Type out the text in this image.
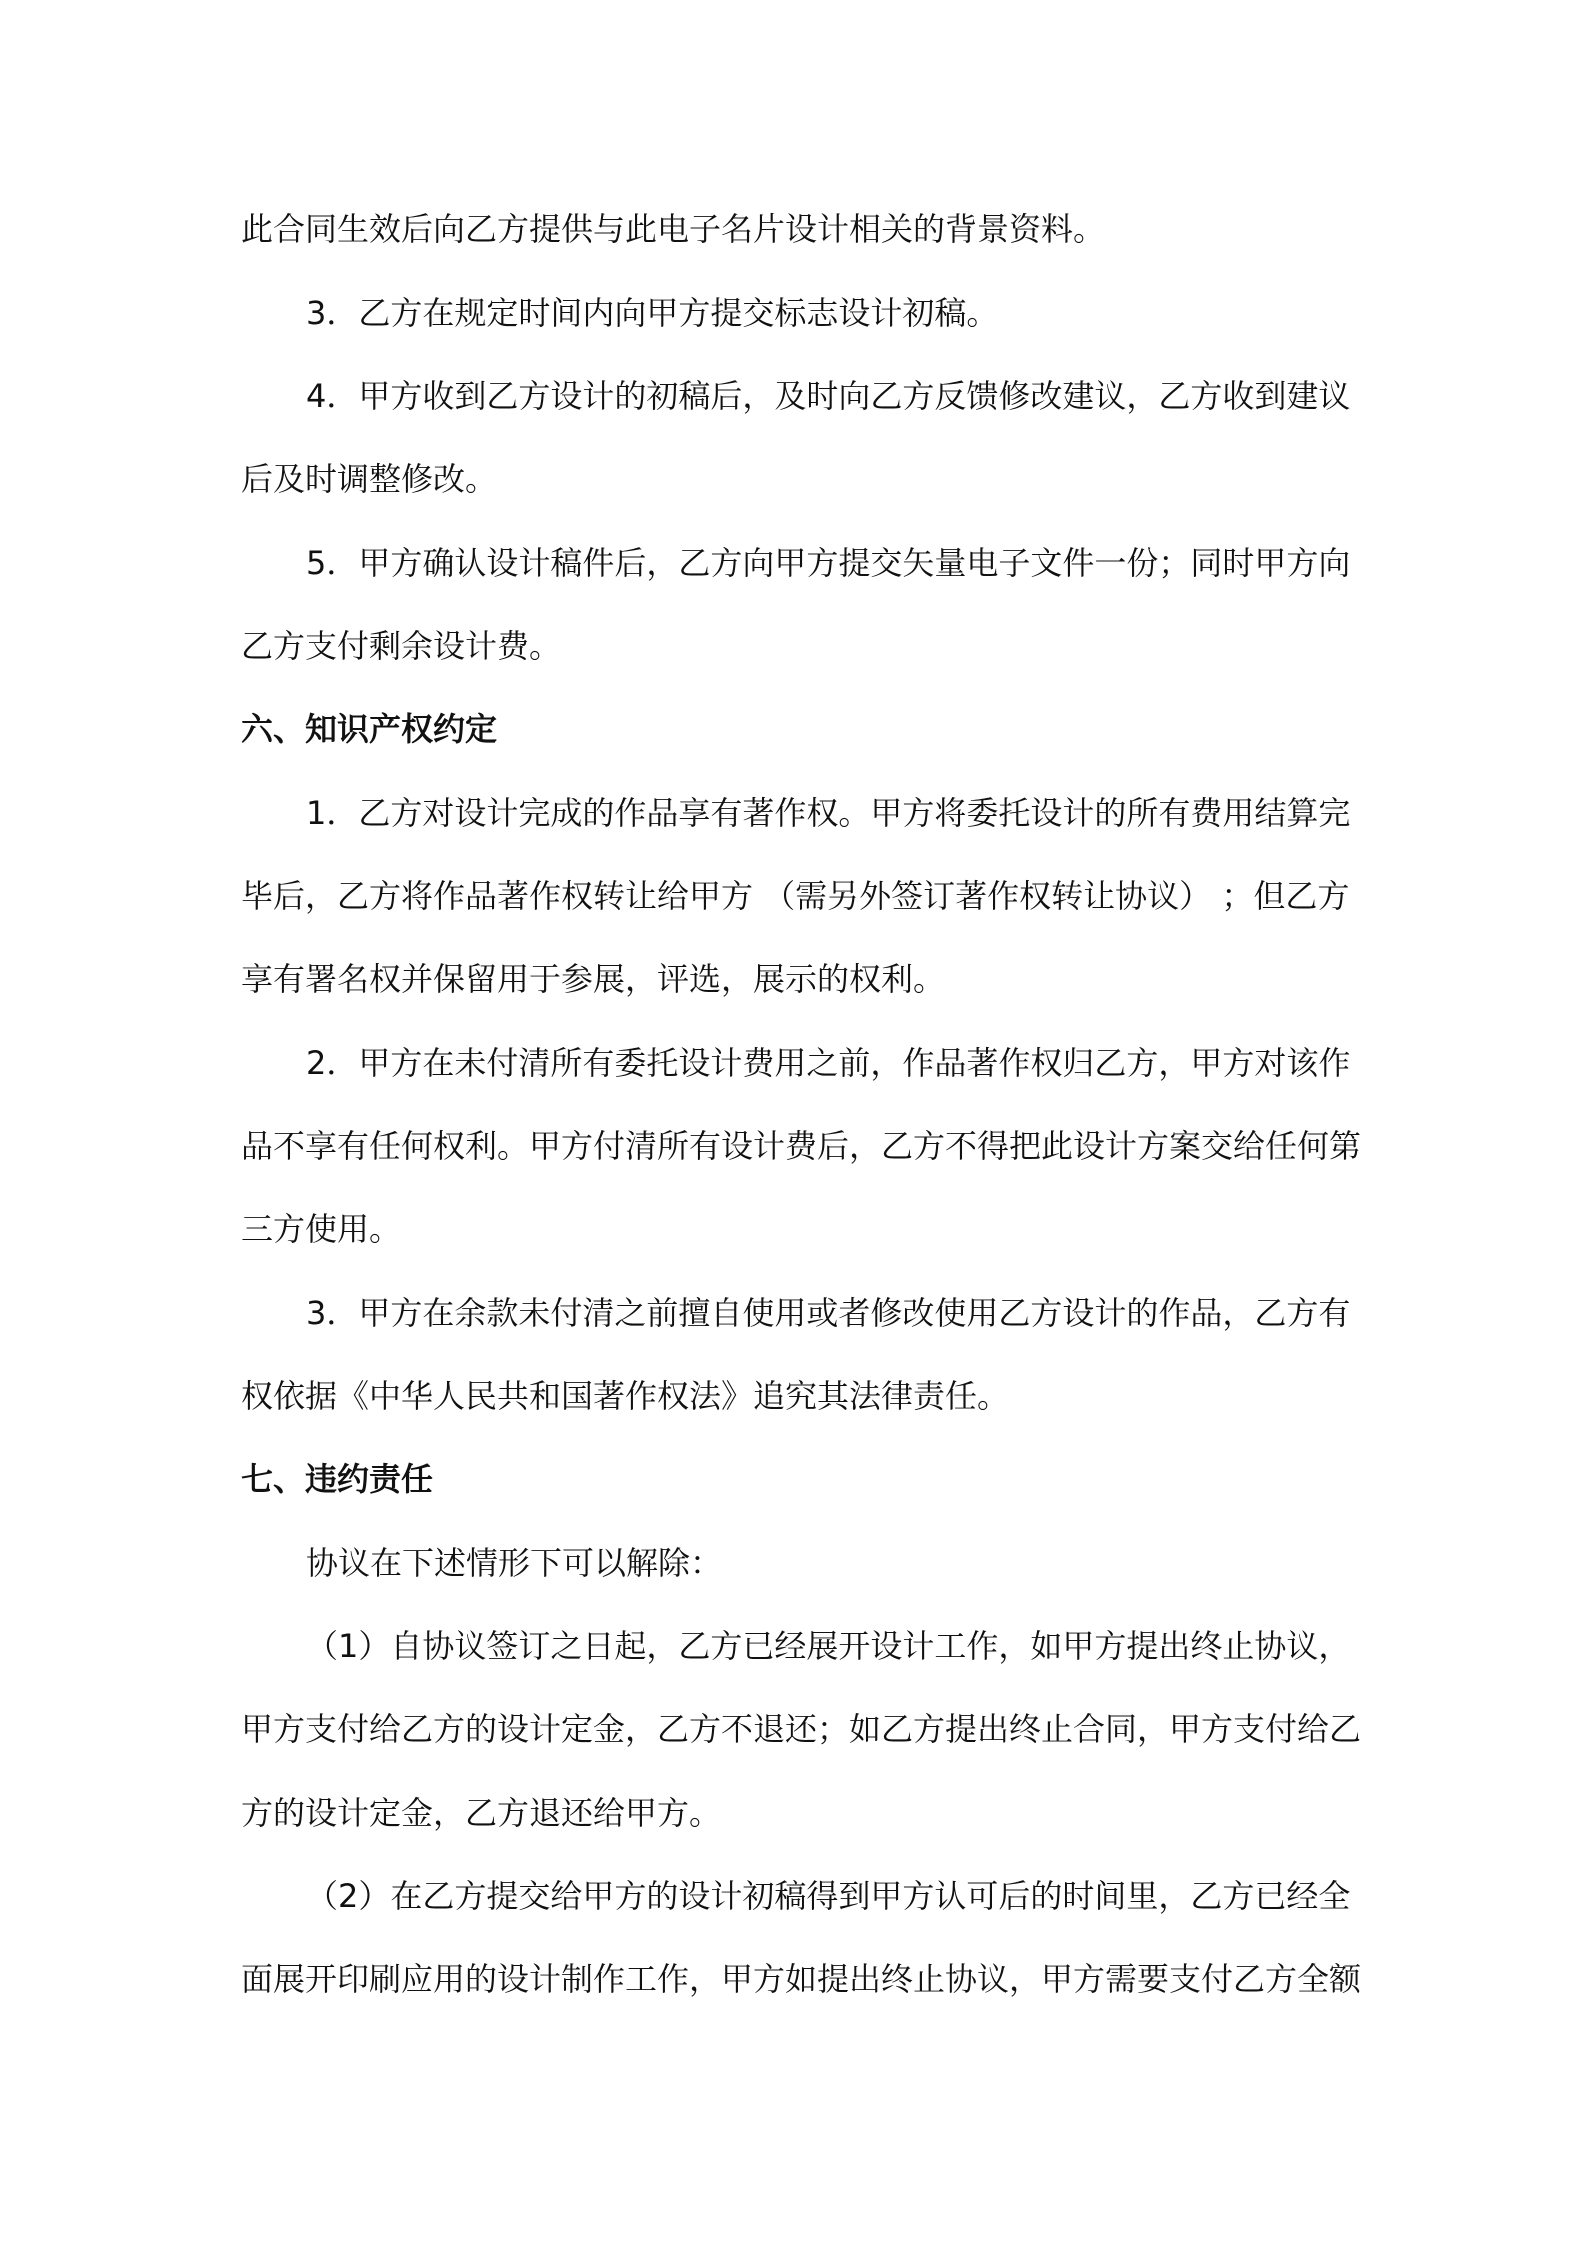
此合同生效后向乙方提供与此电子名片设计相关的背景资料。
3．乙方在规定时间内向甲方提交标志设计初稿。
4．甲方收到乙方设计的初稿后，及时向乙方反馈修改建议，乙方收到建议
后及时调整修改。
5．甲方确认设计稿件后，乙方向甲方提交矢量电子文件一份；同时甲方向
乙方支付剩余设计费。
六、知识产权约定
1．乙方对设计完成的作品享有著作权。甲方将委托设计的所有费用结算完
毕后，乙方将作品著作权转让给甲方 （需另外签订著作权转让协议） ；但乙方
享有署名权并保留用于参展，评选，展示的权利。
2．甲方在未付清所有委托设计费用之前，作品著作权归乙方，甲方对该作
品不享有任何权利。甲方付清所有设计费后，乙方不得把此设计方案交给任何第
三方使用。
3．甲方在余款未付清之前擅自使用或者修改使用乙方设计的作品，乙方有
权依据《中华人民共和国著作权法》追究其法律责任。
七、违约责任
协议在下述情形下可以解除：
（1）自协议签订之日起，乙方已经展开设计工作，如甲方提出终止协议，
甲方支付给乙方的设计定金，乙方不退还；如乙方提出终止合同，甲方支付给乙
方的设计定金，乙方退还给甲方。
（2）在乙方提交给甲方的设计初稿得到甲方认可后的时间里，乙方已经全
面展开印刷应用的设计制作工作，甲方如提出终止协议，甲方需要支付乙方全额
